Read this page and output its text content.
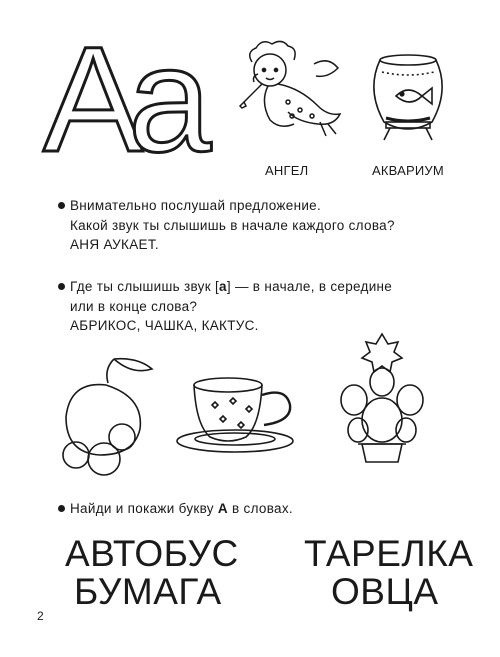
A
a	АНГЕЛ	АКВАРИУМ
Внимательно послушай предложение.
Какой звук ты слышишь в начале каждого слова?
АНЯ АУКАЕТ.
Где ты слышишь звук [а] — в начале, в середине
или в конце слова?
АБРИКОС, ЧАШКА, КАКТУС.
Найди и покажи букву А в словах.
АВТОБУС
БУМАГА
ТАРЕЛКА
ОВЦА
2
